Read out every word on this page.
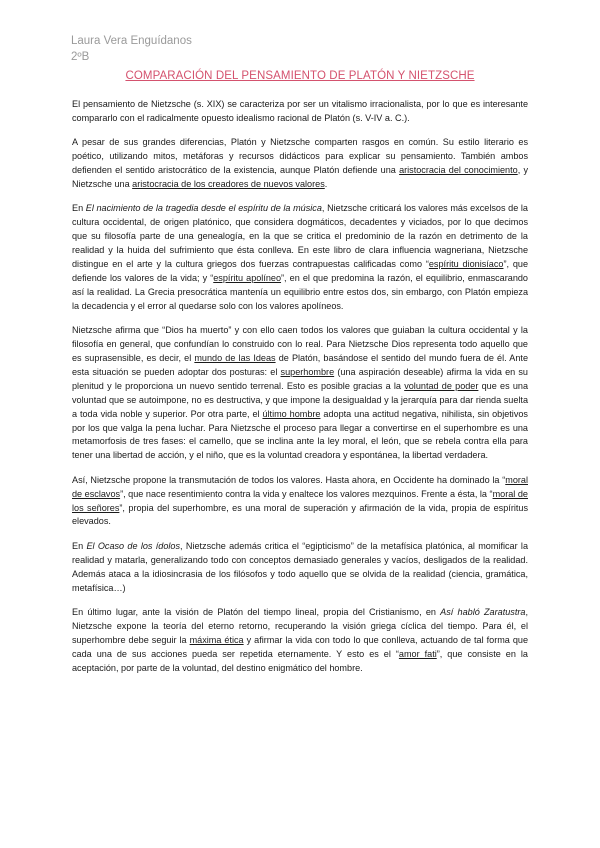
Laura Vera Enguídanos
2ºB
COMPARACIÓN DEL PENSAMIENTO DE PLATÓN Y NIETZSCHE

El pensamiento de Nietzsche (s. XIX) se caracteriza por ser un vitalismo irracionalista, por lo que es interesante compararlo con el radicalmente opuesto idealismo racional de Platón (s. V-IV a. C.).

A pesar de sus grandes diferencias, Platón y Nietzsche comparten rasgos en común. Su estilo literario es poético, utilizando mitos, metáforas y recursos didácticos para explicar su pensamiento. También ambos defienden el sentido aristocrático de la existencia, aunque Platón defiende una aristocracia del conocimiento, y Nietzsche una aristocracia de los creadores de nuevos valores.

En El nacimiento de la tragedia desde el espíritu de la música, Nietzsche criticará los valores más excelsos de la cultura occidental, de origen platónico, que considera dogmáticos, decadentes y viciados, por lo que decimos que su filosofía parte de una genealogía, en la que se critica el predominio de la razón en detrimento de la realidad y la huida del sufrimiento que ésta conlleva. En este libro de clara influencia wagneriana, Nietzsche distingue en el arte y la cultura griegos dos fuerzas contrapuestas calificadas como “espíritu dionisíaco”, que defiende los valores de la vida; y “espíritu apolíneo”, en el que predomina la razón, el equilibrio, enmascarando así la realidad. La Grecia presocrática mantenía un equilibrio entre estos dos, sin embargo, con Platón empieza la decadencia y el error al quedarse solo con los valores apolíneos.

Nietzsche afirma que “Dios ha muerto” y con ello caen todos los valores que guiaban la cultura occidental y la filosofía en general, que confundían lo construido con lo real. Para Nietzsche Dios representa todo aquello que es suprasensible, es decir, el mundo de las Ideas de Platón, basándose el sentido del mundo fuera de él. Ante esta situación se pueden adoptar dos posturas: el superhombre (una aspiración deseable) afirma la vida en su plenitud y le proporciona un nuevo sentido terrenal. Esto es posible gracias a la voluntad de poder que es una voluntad que se autoimpone, no es destructiva, y que impone la desigualdad y la jerarquía para dar rienda suelta a toda vida noble y superior. Por otra parte, el último hombre adopta una actitud negativa, nihilista, sin objetivos por los que valga la pena luchar. Para Nietzsche el proceso para llegar a convertirse en el superhombre es una metamorfosis de tres fases: el camello, que se inclina ante la ley moral, el león, que se rebela contra ella para tener una libertad de acción, y el niño, que es la voluntad creadora y espontánea, la libertad verdadera.

Así, Nietzsche propone la transmutación de todos los valores. Hasta ahora, en Occidente ha dominado la “moral de esclavos”, que nace resentimiento contra la vida y enaltece los valores mezquinos. Frente a ésta, la “moral de los señores”, propia del superhombre, es una moral de superación y afirmación de la vida, propia de espíritus elevados.

En El Ocaso de los ídolos, Nietzsche además critica el “egipticismo” de la metafísica platónica, al momificar la realidad y matarla, generalizando todo con conceptos demasiado generales y vacíos, desligados de la realidad. Además ataca a la idiosincrasia de los filósofos y todo aquello que se olvida de la realidad (ciencia, gramática, metafísica…)

En último lugar, ante la visión de Platón del tiempo lineal, propia del Cristianismo, en Así habló Zaratustra, Nietzsche expone la teoría del eterno retorno, recuperando la visión griega cíclica del tiempo. Para él, el superhombre debe seguir la máxima ética y afirmar la vida con todo lo que conlleva, actuando de tal forma que cada una de sus acciones pueda ser repetida eternamente. Y esto es el “amor fati”, que consiste en la aceptación, por parte de la voluntad, del destino enigmático del hombre.
